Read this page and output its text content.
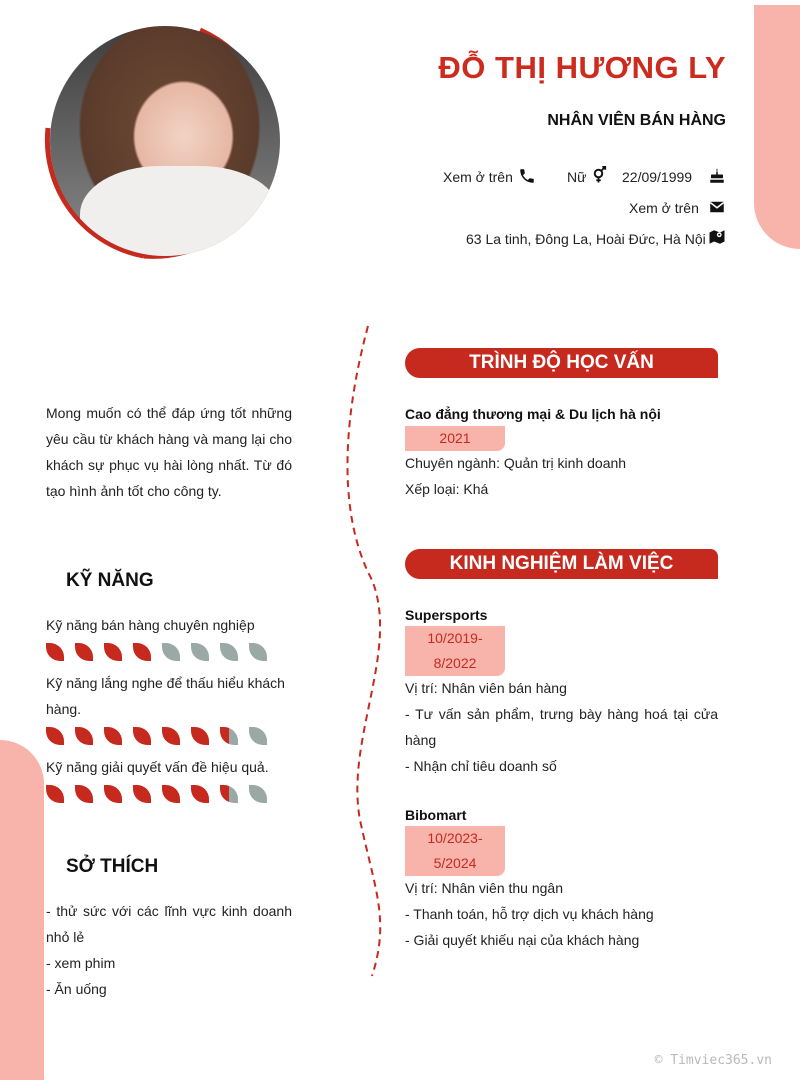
ĐỖ THỊ HƯƠNG LY
NHÂN VIÊN BÁN HÀNG
Xem ở trên	Nữ	22/09/1999
Xem ở trên
63 La tinh, Đông La, Hoài Đức, Hà Nội
Mong muốn có thể đáp ứng tốt những yêu cầu từ khách hàng và mang lại cho khách sự phục vụ hài lòng nhất. Từ đó tạo hình ảnh tốt cho công ty.
KỸ NĂNG
Kỹ năng bán hàng chuyên nghiệp
Kỹ năng lắng nghe để thấu hiểu khách hàng.
Kỹ năng giải quyết vấn đề hiệu quả.
SỞ THÍCH
- thử sức với các lĩnh vực kinh doanh nhỏ lẻ
- xem phim
- Ăn uống
TRÌNH ĐỘ HỌC VẤN
Cao đẳng thương mại & Du lịch hà nội
2021
Chuyên ngành: Quản trị kinh doanh
Xếp loại: Khá
KINH NGHIỆM LÀM VIỆC
Supersports
10/2019-
8/2022
Vị trí: Nhân viên bán hàng
- Tư vấn sản phẩm, trưng bày hàng hoá tại cửa hàng
- Nhận chỉ tiêu doanh số
Bibomart
10/2023-
5/2024
Vị trí: Nhân viên thu ngân
- Thanh toán, hỗ trợ dịch vụ khách hàng
- Giải quyết khiếu nại của khách hàng
© Timviec365.vn
